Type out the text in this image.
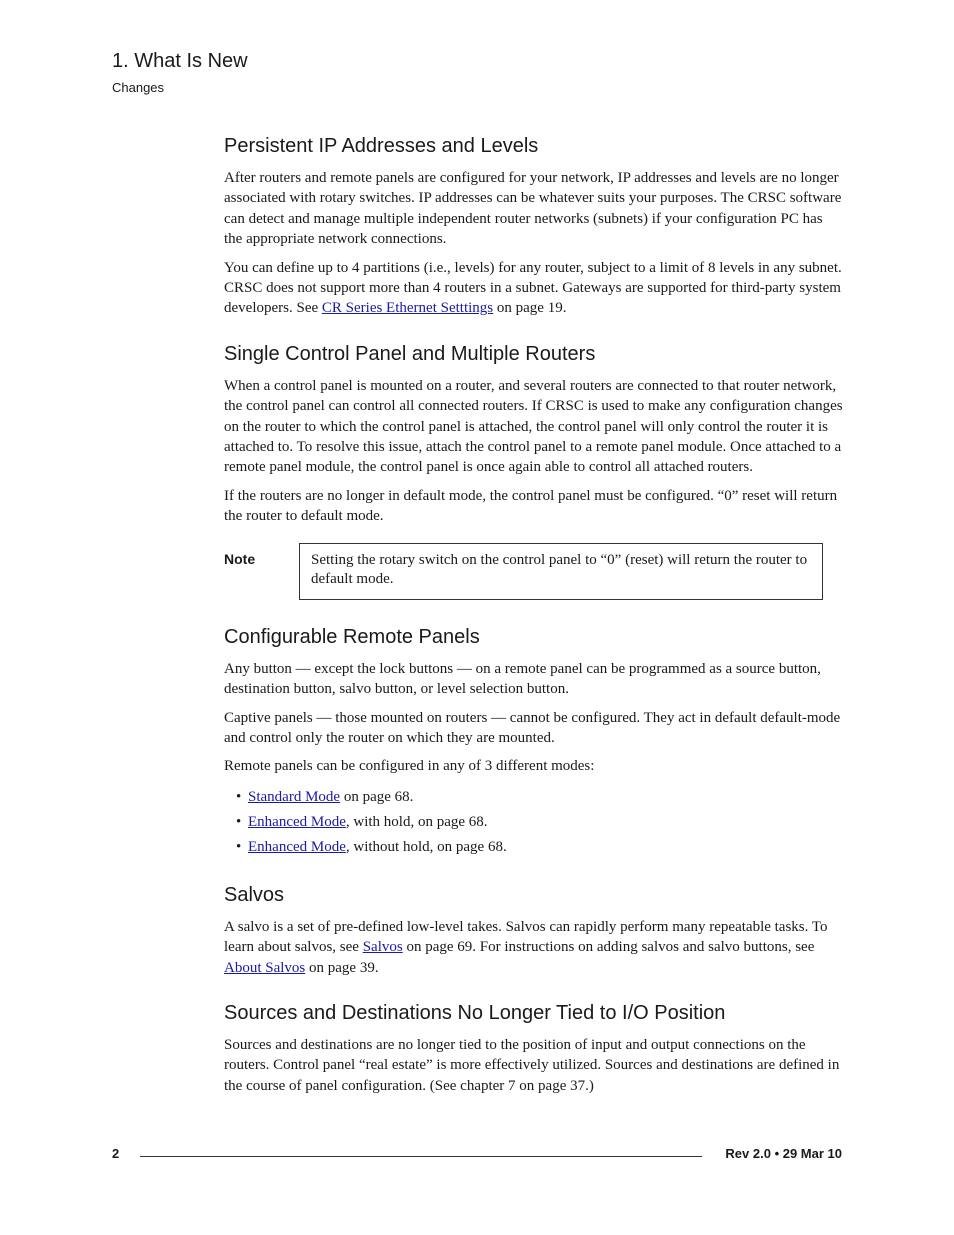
1. What Is New
Changes
Persistent IP Addresses and Levels

After routers and remote panels are configured for your network, IP addresses and levels are no longer associated with rotary switches. IP addresses can be whatever suits your purposes. The CRSC software can detect and manage multiple independent router networks (subnets) if your configuration PC has the appropriate network connections.

You can define up to 4 partitions (i.e., levels) for any router, subject to a limit of 8 levels in any subnet. CRSC does not support more than 4 routers in a subnet. Gateways are supported for third-party system developers. See CR Series Ethernet Setttings on page 19.

Single Control Panel and Multiple Routers

When a control panel is mounted on a router, and several routers are connected to that router network, the control panel can control all connected routers. If CRSC is used to make any configuration changes on the router to which the control panel is attached, the control panel will only control the router it is attached to. To resolve this issue, attach the control panel to a remote panel module. Once attached to a remote panel module, the control panel is once again able to control all attached routers.

If the routers are no longer in default mode, the control panel must be configured. “0” reset will return the router to default mode.

Note	Setting the rotary switch on the control panel to “0” (reset) will return the router to default mode.
Configurable Remote Panels

Any button — except the lock buttons — on a remote panel can be programmed as a source button, destination button, salvo button, or level selection button.

Captive panels — those mounted on routers — cannot be configured. They act in default default-mode and control only the router on which they are mounted.

Remote panels can be configured in any of 3 different modes:

• Standard Mode on page 68.
• Enhanced Mode, with hold, on page 68.
• Enhanced Mode, without hold, on page 68.
Salvos

A salvo is a set of pre-defined low-level takes. Salvos can rapidly perform many repeatable tasks. To learn about salvos, see Salvos on page 69. For instructions on adding salvos and salvo buttons, see About Salvos on page 39.

Sources and Destinations No Longer Tied to I/O Position

Sources and destinations are no longer tied to the position of input and output connections on the routers. Control panel “real estate” is more effectively utilized. Sources and destinations are defined in the course of panel configuration. (See chapter 7 on page 37.)

2	Rev 2.0 • 29 Mar 10
